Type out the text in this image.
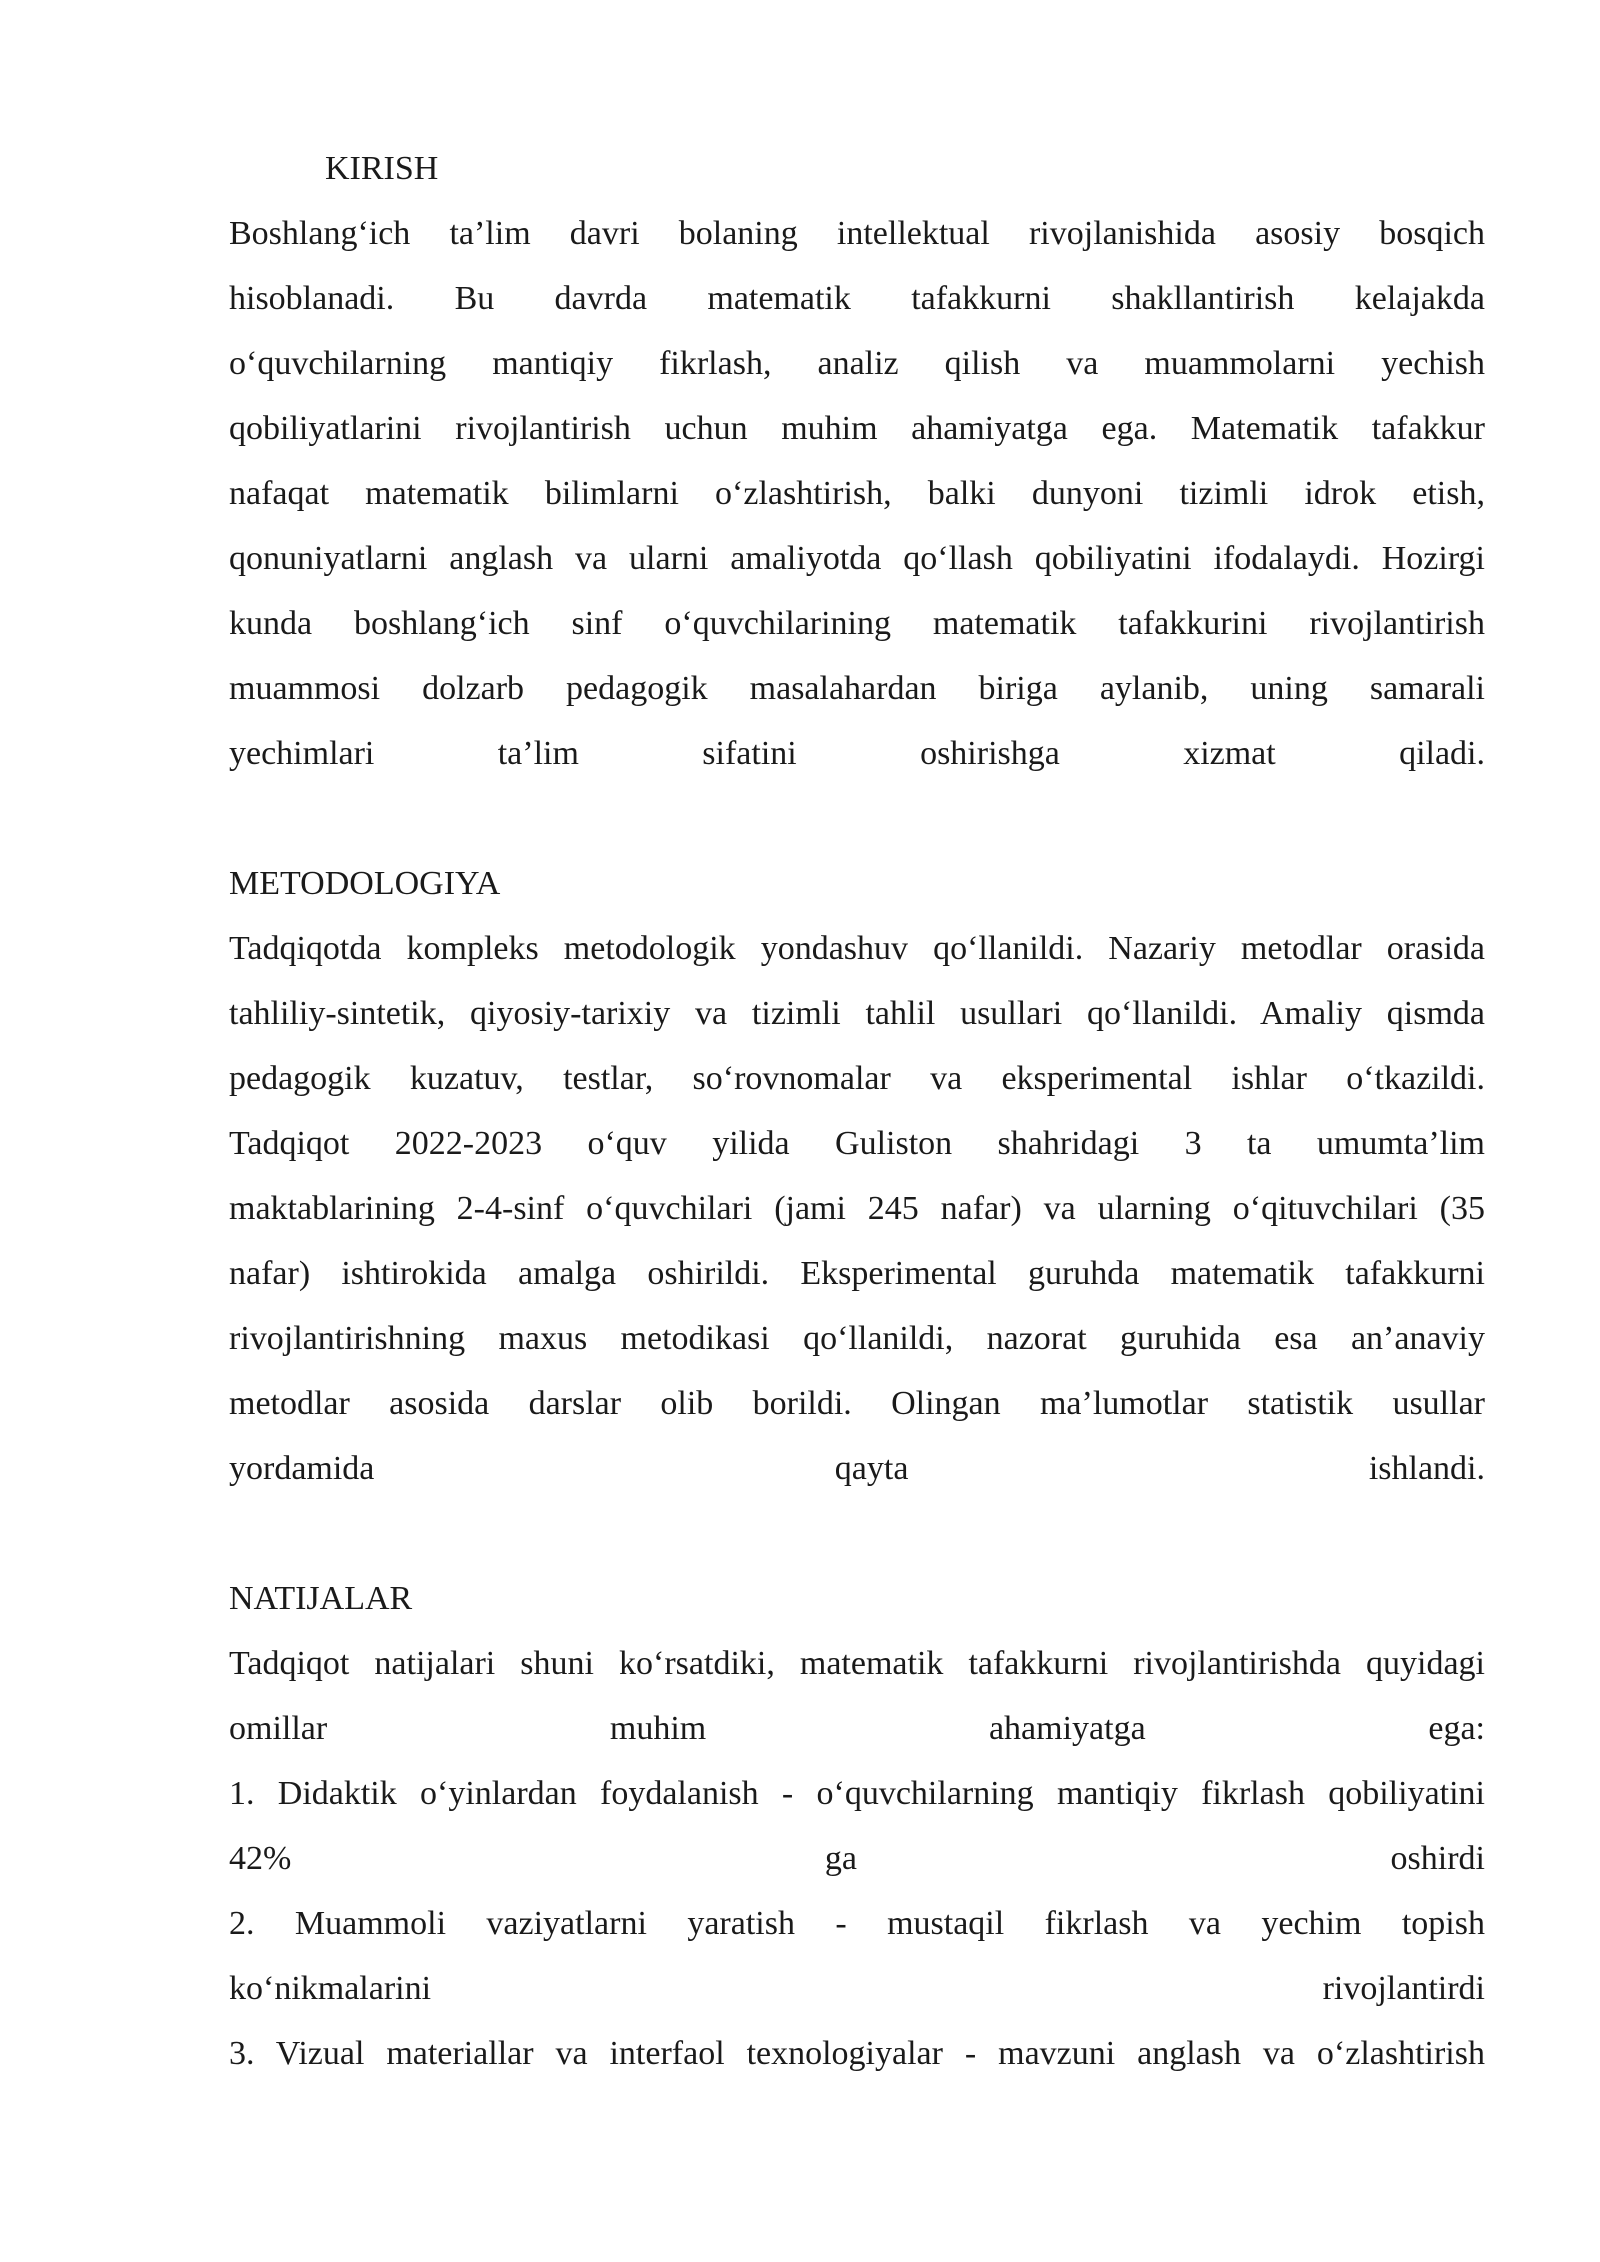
KIRISH
Boshlang‘ich ta’lim davri bolaning intellektual rivojlanishida asosiy bosqich
hisoblanadi. Bu davrda matematik tafakkurni shakllantirish kelajakda
o‘quvchilarning mantiqiy fikrlash, analiz qilish va muammolarni yechish
qobiliyatlarini rivojlantirish uchun muhim ahamiyatga ega. Matematik tafakkur
nafaqat matematik bilimlarni o‘zlashtirish, balki dunyoni tizimli idrok etish,
qonuniyatlarni anglash va ularni amaliyotda qo‘llash qobiliyatini ifodalaydi. Hozirgi
kunda boshlang‘ich sinf o‘quvchilarining matematik tafakkurini rivojlantirish
muammosi dolzarb pedagogik masalahardan biriga aylanib, uning samarali
yechimlari ta’lim sifatini oshirishga xizmat qiladi.
METODOLOGIYA
Tadqiqotda kompleks metodologik yondashuv qo‘llanildi. Nazariy metodlar orasida
tahliliy-sintetik, qiyosiy-tarixiy va tizimli tahlil usullari qo‘llanildi. Amaliy qismda
pedagogik kuzatuv, testlar, so‘rovnomalar va eksperimental ishlar o‘tkazildi.
Tadqiqot 2022-2023 o‘quv yilida Guliston shahridagi 3 ta umumta’lim
maktablarining 2-4-sinf o‘quvchilari (jami 245 nafar) va ularning o‘qituvchilari (35
nafar) ishtirokida amalga oshirildi. Eksperimental guruhda matematik tafakkurni
rivojlantirishning maxus metodikasi qo‘llanildi, nazorat guruhida esa an’anaviy
metodlar asosida darslar olib borildi. Olingan ma’lumotlar statistik usullar
yordamida qayta ishlandi.
NATIJALAR
Tadqiqot natijalari shuni ko‘rsatdiki, matematik tafakkurni rivojlantirishda quyidagi
omillar muhim ahamiyatga ega:
1. Didaktik o‘yinlardan foydalanish - o‘quvchilarning mantiqiy fikrlash qobiliyatini
42% ga oshirdi
2. Muammoli vaziyatlarni yaratish - mustaqil fikrlash va yechim topish
ko‘nikmalarini rivojlantirdi
3. Vizual materiallar va interfaol texnologiyalar - mavzuni anglash va o‘zlashtirish
